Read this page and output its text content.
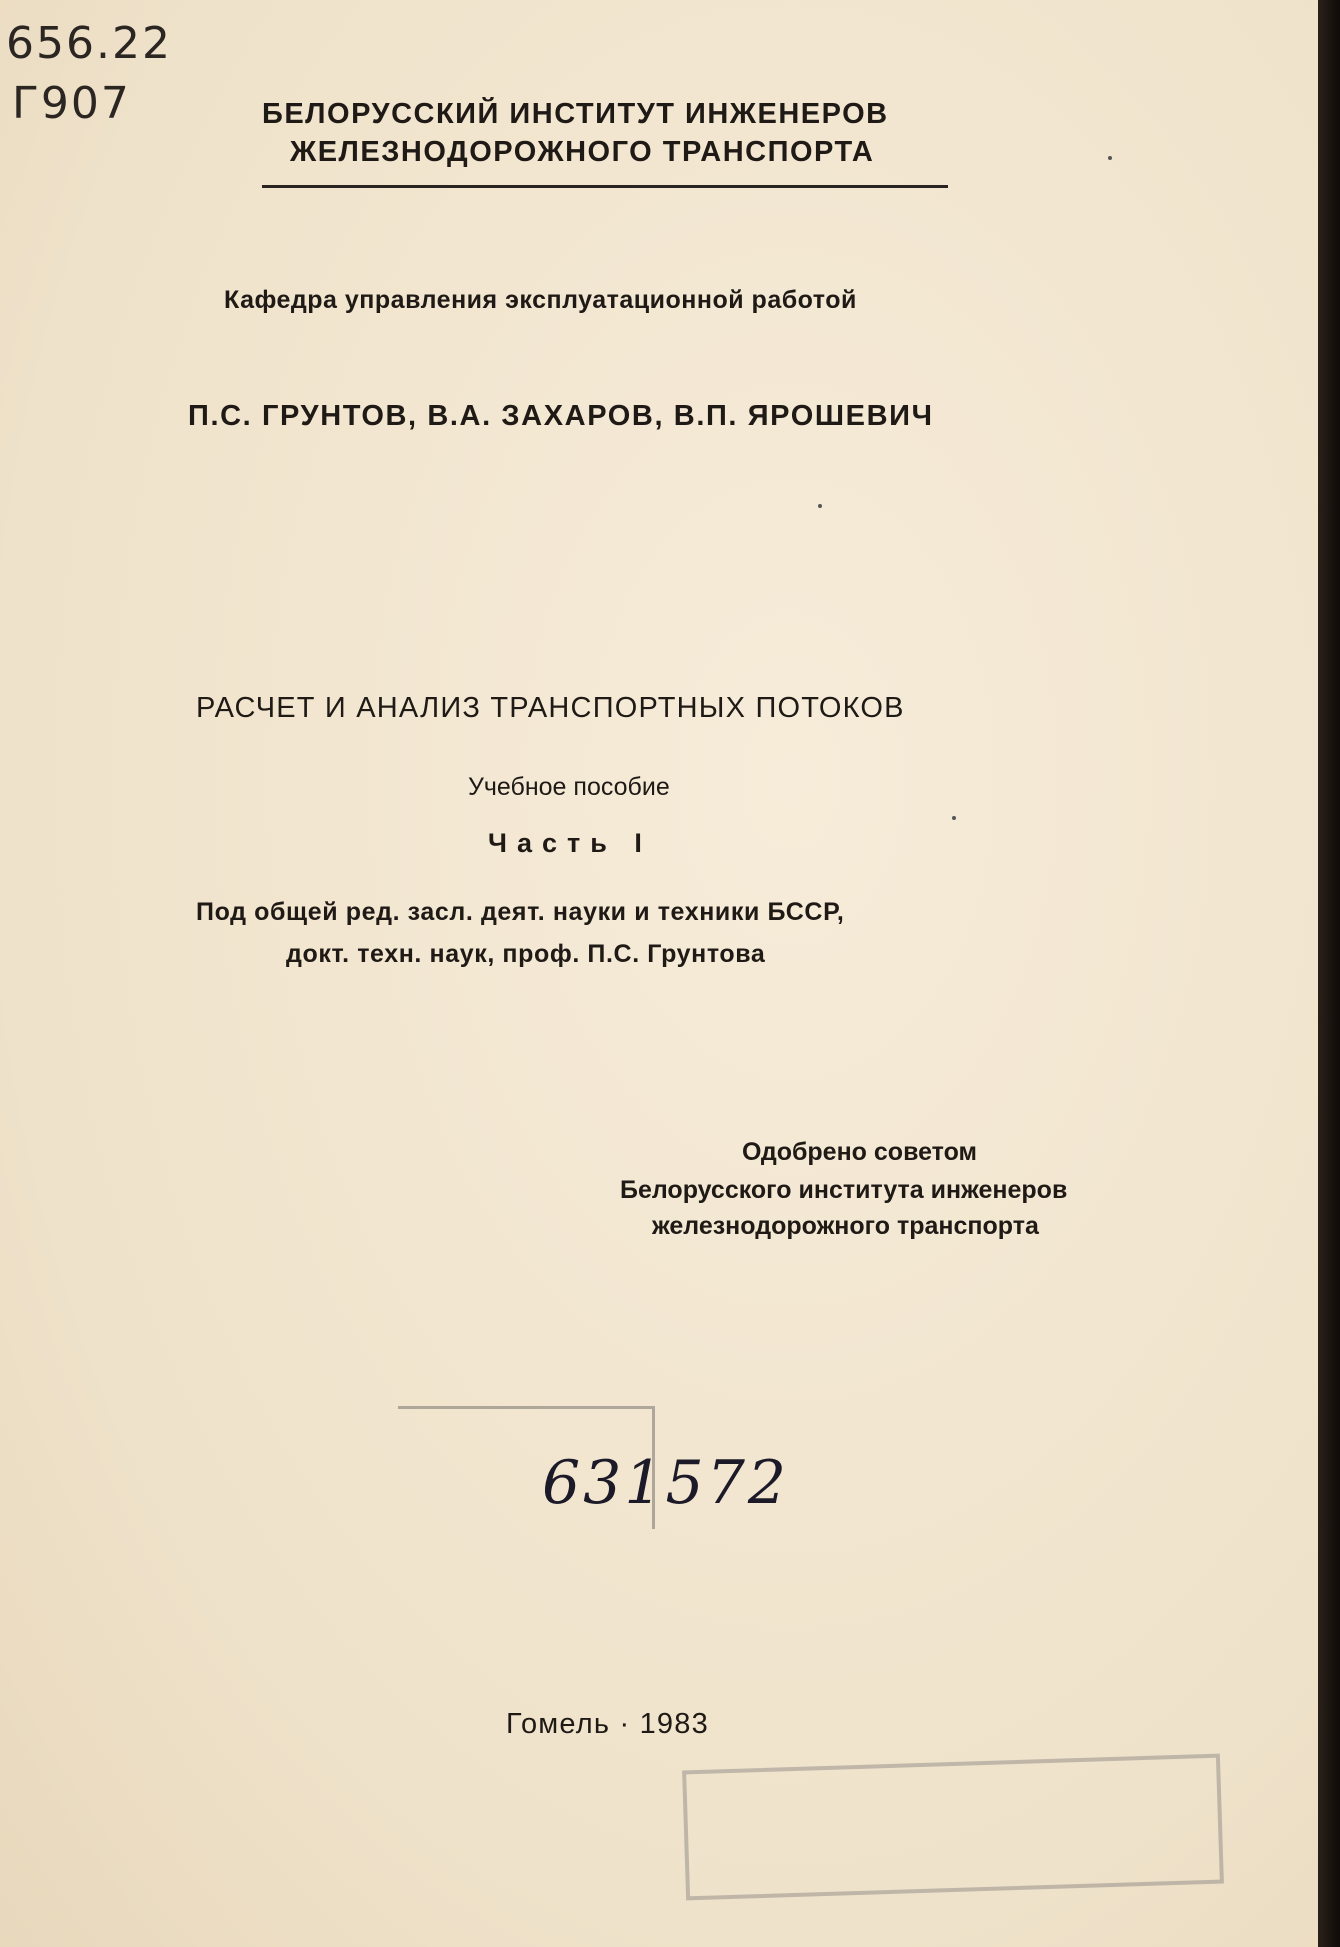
656.22
Г907	БЕЛОРУССКИЙ ИНСТИТУТ ИНЖЕНЕРОВ
ЖЕЛЕЗНОДОРОЖНОГО ТРАНСПОРТА
Кафедра управления эксплуатационной работой
П.С. ГРУНТОВ, В.А. ЗАХАРОВ, В.П. ЯРОШЕВИЧ
РАСЧЕТ И АНАЛИЗ ТРАНСПОРТНЫХ ПОТОКОВ
Учебное пособие
Часть I
Под общей ред. засл. деят. науки и техники БССР,
докт. техн. наук, проф. П.С. Грунтова
Одобрено советом
Белорусского института инженеров
железнодорожного транспорта
631572
Гомель · 1983
